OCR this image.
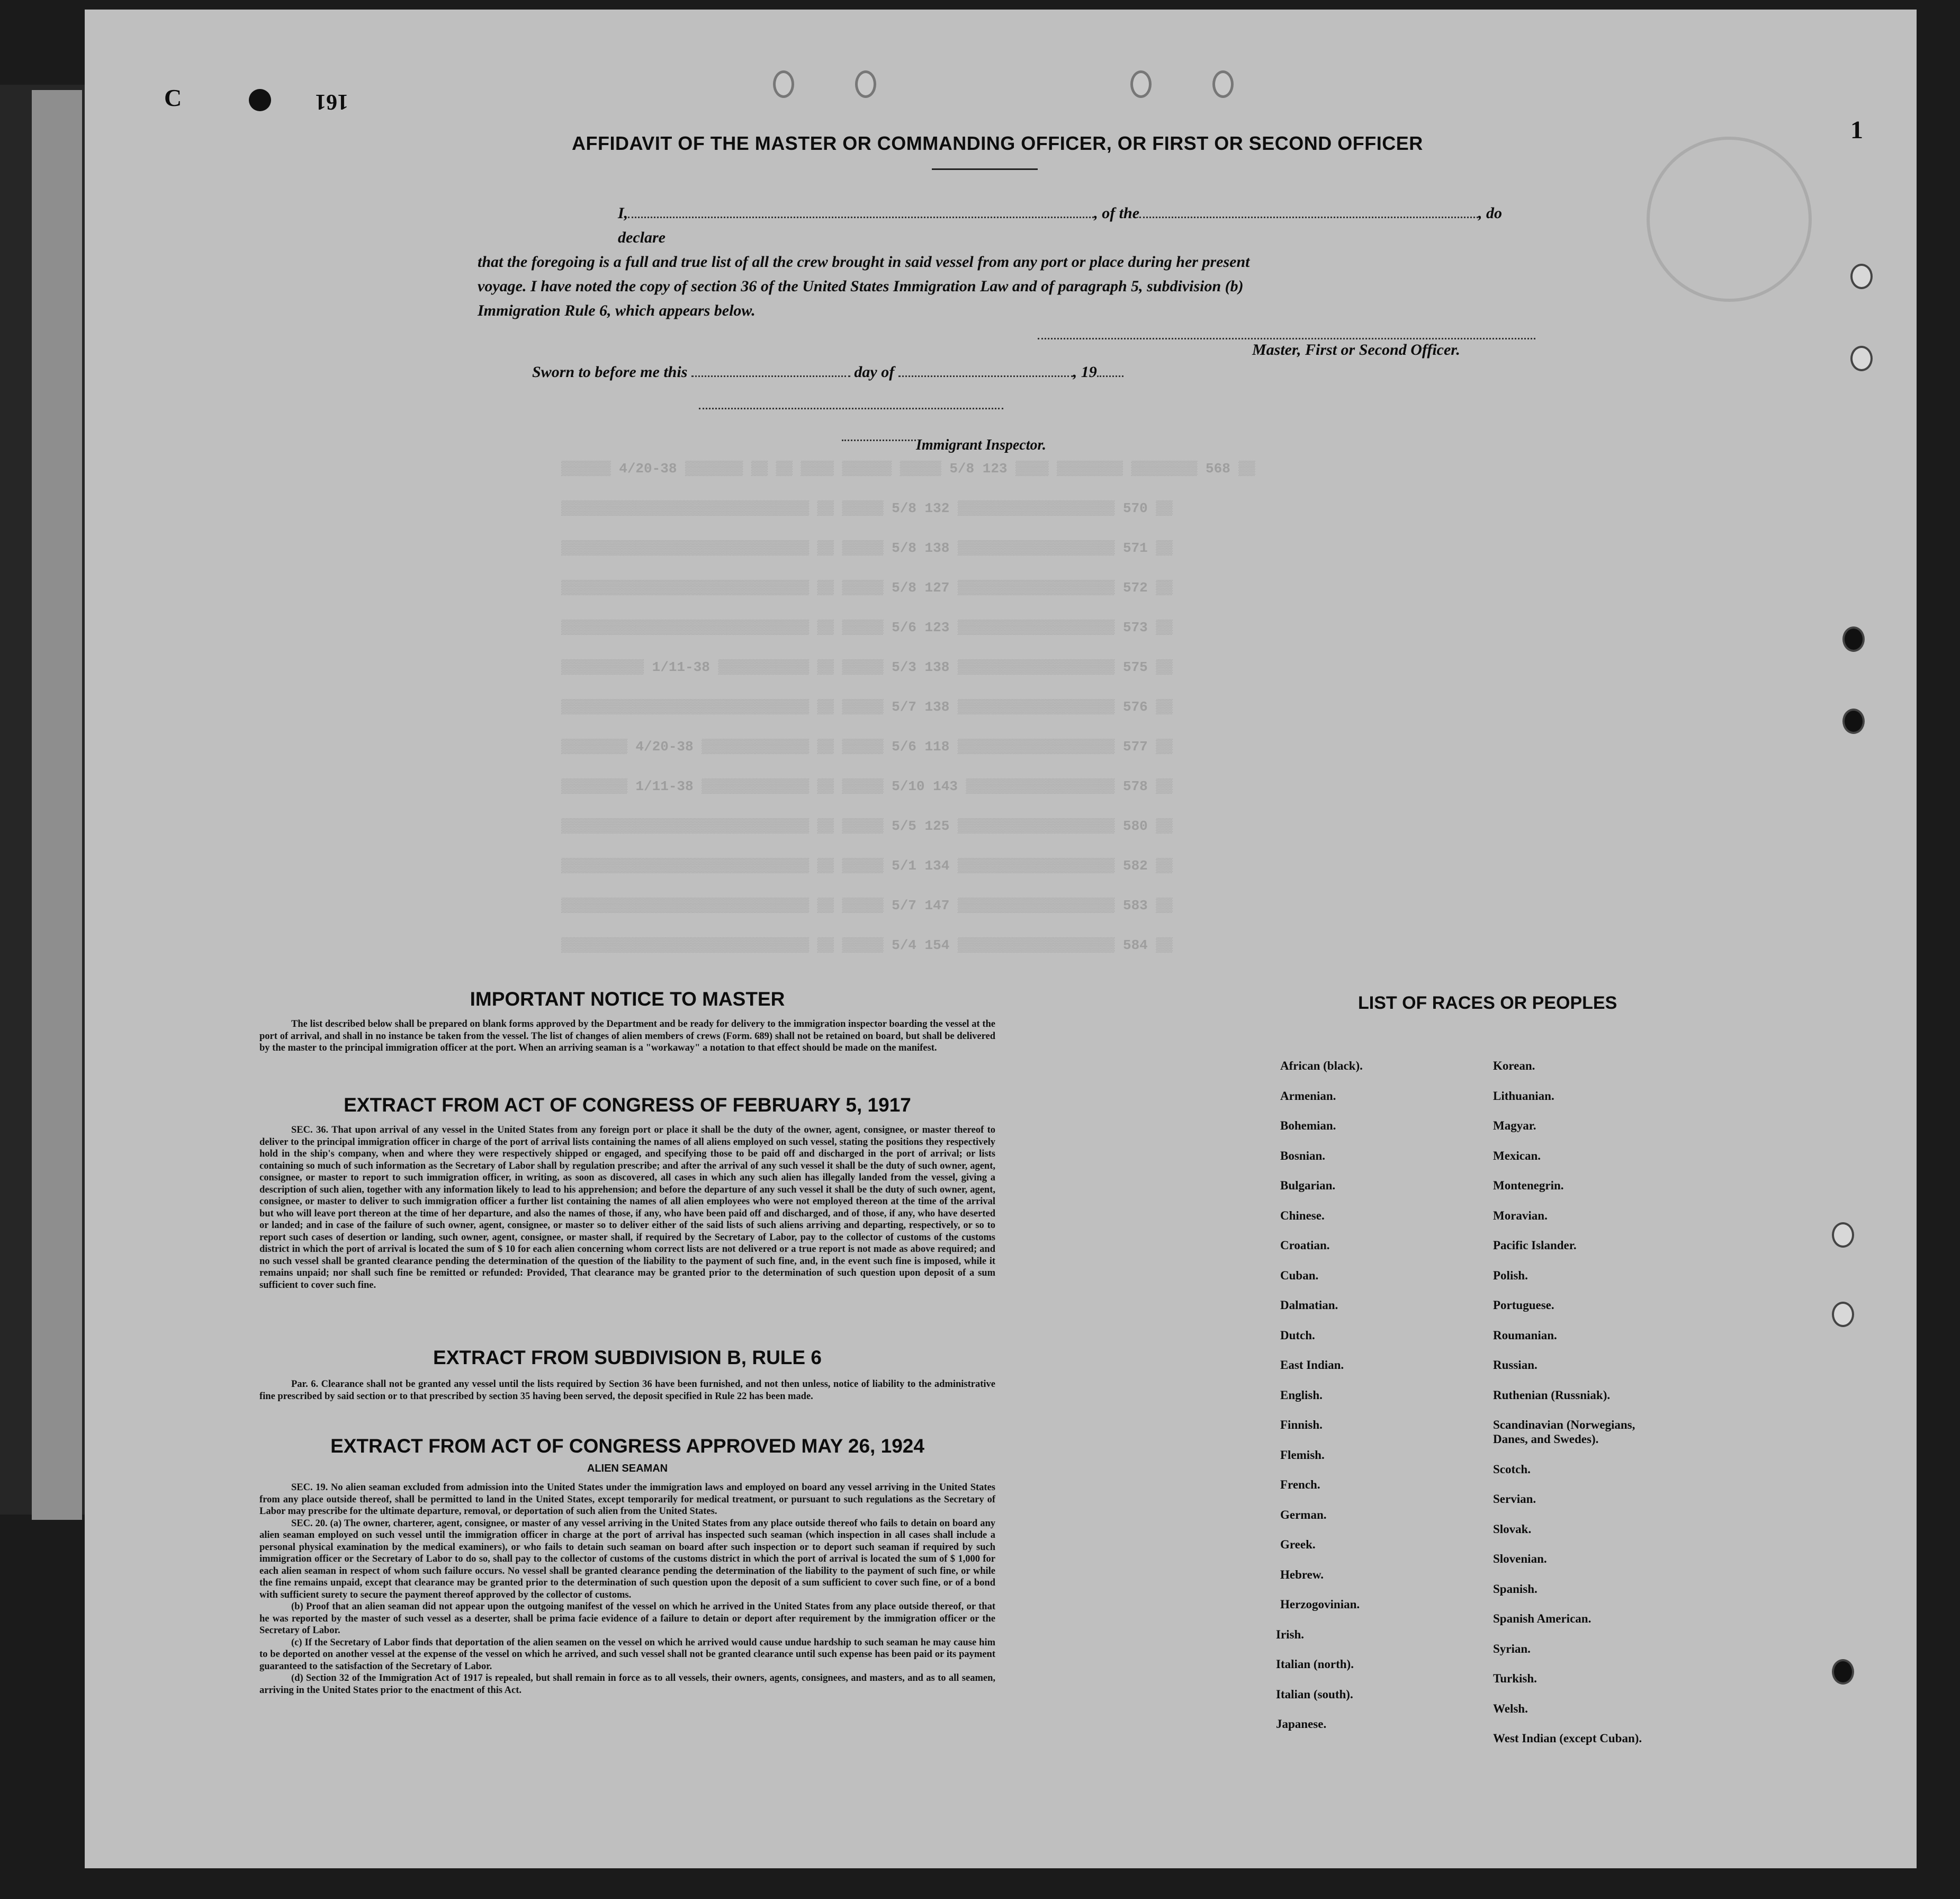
C	161
1
▒▒▒▒▒▒ 4/20-38 ▒▒▒▒▒▒▒ ▒▒ ▒▒ ▒▒▒▒ ▒▒▒▒▒▒ ▒▒▒▒▒ 5/8 123 ▒▒▒▒ ▒▒▒▒▒▒▒▒ ▒▒▒▒▒▒▒▒ 568 ▒▒
▒▒▒▒▒▒▒▒▒▒▒▒▒▒▒▒▒▒▒▒▒▒▒▒▒▒▒▒▒▒ ▒▒ ▒▒▒▒▒ 5/8 132 ▒▒▒▒▒▒▒▒▒▒▒▒▒▒▒▒▒▒▒ 570 ▒▒
▒▒▒▒▒▒▒▒▒▒▒▒▒▒▒▒▒▒▒▒▒▒▒▒▒▒▒▒▒▒ ▒▒ ▒▒▒▒▒ 5/8 138 ▒▒▒▒▒▒▒▒▒▒▒▒▒▒▒▒▒▒▒ 571 ▒▒
▒▒▒▒▒▒▒▒▒▒▒▒▒▒▒▒▒▒▒▒▒▒▒▒▒▒▒▒▒▒ ▒▒ ▒▒▒▒▒ 5/8 127 ▒▒▒▒▒▒▒▒▒▒▒▒▒▒▒▒▒▒▒ 572 ▒▒
▒▒▒▒▒▒▒▒▒▒▒▒▒▒▒▒▒▒▒▒▒▒▒▒▒▒▒▒▒▒ ▒▒ ▒▒▒▒▒ 5/6 123 ▒▒▒▒▒▒▒▒▒▒▒▒▒▒▒▒▒▒▒ 573 ▒▒
▒▒▒▒▒▒▒▒▒▒ 1/11-38 ▒▒▒▒▒▒▒▒▒▒▒ ▒▒ ▒▒▒▒▒ 5/3 138 ▒▒▒▒▒▒▒▒▒▒▒▒▒▒▒▒▒▒▒ 575 ▒▒
▒▒▒▒▒▒▒▒▒▒▒▒▒▒▒▒▒▒▒▒▒▒▒▒▒▒▒▒▒▒ ▒▒ ▒▒▒▒▒ 5/7 138 ▒▒▒▒▒▒▒▒▒▒▒▒▒▒▒▒▒▒▒ 576 ▒▒
▒▒▒▒▒▒▒▒ 4/20-38 ▒▒▒▒▒▒▒▒▒▒▒▒▒ ▒▒ ▒▒▒▒▒ 5/6 118 ▒▒▒▒▒▒▒▒▒▒▒▒▒▒▒▒▒▒▒ 577 ▒▒
▒▒▒▒▒▒▒▒ 1/11-38 ▒▒▒▒▒▒▒▒▒▒▒▒▒ ▒▒ ▒▒▒▒▒ 5/10 143 ▒▒▒▒▒▒▒▒▒▒▒▒▒▒▒▒▒▒ 578 ▒▒
▒▒▒▒▒▒▒▒▒▒▒▒▒▒▒▒▒▒▒▒▒▒▒▒▒▒▒▒▒▒ ▒▒ ▒▒▒▒▒ 5/5 125 ▒▒▒▒▒▒▒▒▒▒▒▒▒▒▒▒▒▒▒ 580 ▒▒
▒▒▒▒▒▒▒▒▒▒▒▒▒▒▒▒▒▒▒▒▒▒▒▒▒▒▒▒▒▒ ▒▒ ▒▒▒▒▒ 5/1 134 ▒▒▒▒▒▒▒▒▒▒▒▒▒▒▒▒▒▒▒ 582 ▒▒
▒▒▒▒▒▒▒▒▒▒▒▒▒▒▒▒▒▒▒▒▒▒▒▒▒▒▒▒▒▒ ▒▒ ▒▒▒▒▒ 5/7 147 ▒▒▒▒▒▒▒▒▒▒▒▒▒▒▒▒▒▒▒ 583 ▒▒
▒▒▒▒▒▒▒▒▒▒▒▒▒▒▒▒▒▒▒▒▒▒▒▒▒▒▒▒▒▒ ▒▒ ▒▒▒▒▒ 5/4 154 ▒▒▒▒▒▒▒▒▒▒▒▒▒▒▒▒▒▒▒ 584 ▒▒
AFFIDAVIT OF THE MASTER OR COMMANDING OFFICER, OR FIRST OR SECOND OFFICER
I,	, of the	, do declare
that the foregoing is a full and true list of all the crew brought in said vessel from any port or place during her present
voyage. I have noted the copy of section 36 of the United States Immigration Law and of paragraph 5, subdivision (b)
Immigration Rule 6, which appears below.
Master, First or Second Officer.
Sworn to before me this	day of	, 19
Immigrant Inspector.
IMPORTANT NOTICE TO MASTER
The list described below shall be prepared on blank forms approved by the Department and be ready for delivery to the immigration inspector boarding the vessel at the port of arrival, and shall in no instance be taken from the vessel. The list of changes of alien members of crews (Form. 689) shall not be retained on board, but shall be delivered by the master to the principal immigration officer at the port. When an arriving seaman is a "workaway" a notation to that effect should be made on the manifest.
EXTRACT FROM ACT OF CONGRESS OF FEBRUARY 5, 1917
SEC. 36. That upon arrival of any vessel in the United States from any foreign port or place it shall be the duty of the owner, agent, consignee, or master thereof to deliver to the principal immigration officer in charge of the port of arrival lists containing the names of all aliens employed on such vessel, stating the positions they respectively hold in the ship's company, when and where they were respectively shipped or engaged, and specifying those to be paid off and discharged in the port of arrival; or lists containing so much of such information as the Secretary of Labor shall by regulation prescribe; and after the arrival of any such vessel it shall be the duty of such owner, agent, consignee, or master to report to such immigration officer, in writing, as soon as discovered, all cases in which any such alien has illegally landed from the vessel, giving a description of such alien, together with any information likely to lead to his apprehension; and before the departure of any such vessel it shall be the duty of such owner, agent, consignee, or master to deliver to such immigration officer a further list containing the names of all alien employees who were not employed thereon at the time of the arrival but who will leave port thereon at the time of her departure, and also the names of those, if any, who have been paid off and discharged, and of those, if any, who have deserted or landed; and in case of the failure of such owner, agent, consignee, or master so to deliver either of the said lists of such aliens arriving and departing, respectively, or so to report such cases of desertion or landing, such owner, agent, consignee, or master shall, if required by the Secretary of Labor, pay to the collector of customs of the customs district in which the port of arrival is located the sum of $ 10 for each alien concerning whom correct lists are not delivered or a true report is not made as above required; and no such vessel shall be granted clearance pending the determination of the question of the liability to the payment of such fine, and, in the event such fine is imposed, while it remains unpaid; nor shall such fine be remitted or refunded: Provided, That clearance may be granted prior to the determination of such question upon deposit of a sum sufficient to cover such fine.
EXTRACT FROM SUBDIVISION B, RULE 6
Par. 6. Clearance shall not be granted any vessel until the lists required by Section 36 have been furnished, and not then unless, notice of liability to the administrative fine prescribed by said section or to that prescribed by section 35 having been served, the deposit specified in Rule 22 has been made.
EXTRACT FROM ACT OF CONGRESS APPROVED MAY 26, 1924
ALIEN SEAMAN
SEC. 19. No alien seaman excluded from admission into the United States under the immigration laws and employed on board any vessel arriving in the United States from any place outside thereof, shall be permitted to land in the United States, except temporarily for medical treatment, or pursuant to such regulations as the Secretary of Labor may prescribe for the ultimate departure, removal, or deportation of such alien from the United States.
SEC. 20. (a) The owner, charterer, agent, consignee, or master of any vessel arriving in the United States from any place outside thereof who fails to detain on board any alien seaman employed on such vessel until the immigration officer in charge at the port of arrival has inspected such seaman (which inspection in all cases shall include a personal physical examination by the medical examiners), or who fails to detain such seaman on board after such inspection or to deport such seaman if required by such immigration officer or the Secretary of Labor to do so, shall pay to the collector of customs of the customs district in which the port of arrival is located the sum of $ 1,000 for each alien seaman in respect of whom such failure occurs. No vessel shall be granted clearance pending the determination of the liability to the payment of such fine, or while the fine remains unpaid, except that clearance may be granted prior to the determination of such question upon the deposit of a sum sufficient to cover such fine, or of a bond with sufficient surety to secure the payment thereof approved by the collector of customs.
(b) Proof that an alien seaman did not appear upon the outgoing manifest of the vessel on which he arrived in the United States from any place outside thereof, or that he was reported by the master of such vessel as a deserter, shall be prima facie evidence of a failure to detain or deport after requirement by the immigration officer or the Secretary of Labor.
(c) If the Secretary of Labor finds that deportation of the alien seamen on the vessel on which he arrived would cause undue hardship to such seaman he may cause him to be deported on another vessel at the expense of the vessel on which he arrived, and such vessel shall not be granted clearance until such expense has been paid or its payment guaranteed to the satisfaction of the Secretary of Labor.
(d) Section 32 of the Immigration Act of 1917 is repealed, but shall remain in force as to all vessels, their owners, agents, consignees, and masters, and as to all seamen, arriving in the United States prior to the enactment of this Act.
LIST OF RACES OR PEOPLES
African (black).
Armenian.
Bohemian.
Bosnian.
Bulgarian.
Chinese.
Croatian.
Cuban.
Dalmatian.
Dutch.
East Indian.
English.
Finnish.
Flemish.
French.
German.
Greek.
Hebrew.
Herzogovinian.
Irish.
Italian (north).
Italian (south).
Japanese.
Korean.
Lithuanian.
Magyar.
Mexican.
Montenegrin.
Moravian.
Pacific Islander.
Polish.
Portuguese.
Roumanian.
Russian.
Ruthenian (Russniak).
Scandinavian (Norwegians,
Danes, and Swedes).
Scotch.
Servian.
Slovak.
Slovenian.
Spanish.
Spanish American.
Syrian.
Turkish.
Welsh.
West Indian (except Cuban).
